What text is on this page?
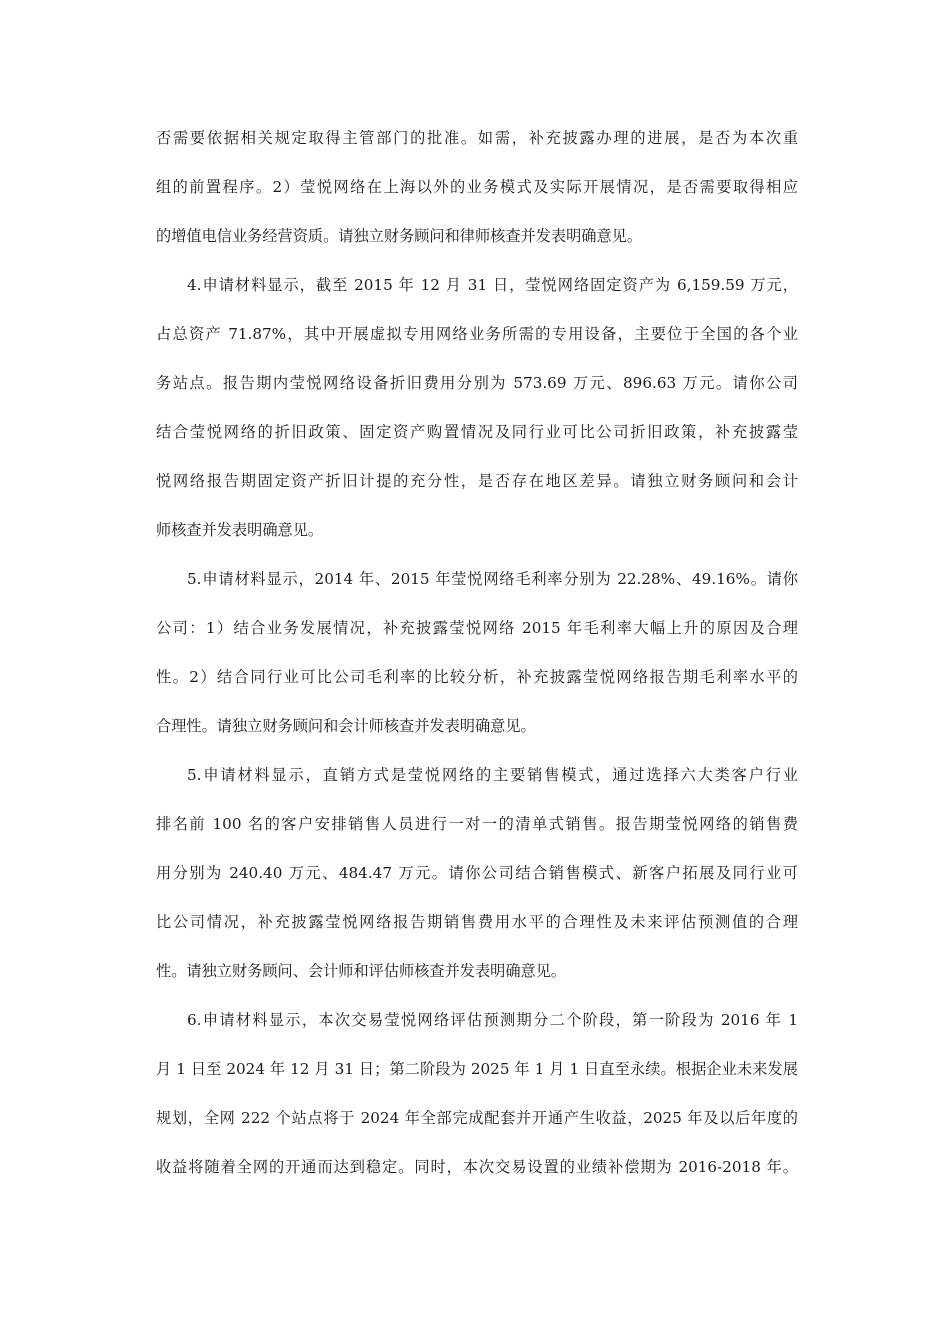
否需要依据相关规定取得主管部门的批准。如需，补充披露办理的进展，是否为本次重
组的前置程序。2）莹悦网络在上海以外的业务模式及实际开展情况，是否需要取得相应
的增值电信业务经营资质。请独立财务顾问和律师核查并发表明确意见。
4.申请材料显示，截至 2015 年 12 月 31 日，莹悦网络固定资产为 6,159.59 万元，
占总资产 71.87%，其中开展虚拟专用网络业务所需的专用设备，主要位于全国的各个业
务站点。报告期内莹悦网络设备折旧费用分别为 573.69 万元、896.63 万元。请你公司
结合莹悦网络的折旧政策、固定资产购置情况及同行业可比公司折旧政策，补充披露莹
悦网络报告期固定资产折旧计提的充分性，是否存在地区差异。请独立财务顾问和会计
师核查并发表明确意见。
5.申请材料显示，2014 年、2015 年莹悦网络毛利率分别为 22.28%、49.16%。请你
公司：1）结合业务发展情况，补充披露莹悦网络 2015 年毛利率大幅上升的原因及合理
性。2）结合同行业可比公司毛利率的比较分析，补充披露莹悦网络报告期毛利率水平的
合理性。请独立财务顾问和会计师核查并发表明确意见。
5.申请材料显示，直销方式是莹悦网络的主要销售模式，通过选择六大类客户行业
排名前 100 名的客户安排销售人员进行一对一的清单式销售。报告期莹悦网络的销售费
用分别为 240.40 万元、484.47 万元。请你公司结合销售模式、新客户拓展及同行业可
比公司情况，补充披露莹悦网络报告期销售费用水平的合理性及未来评估预测值的合理
性。请独立财务顾问、会计师和评估师核查并发表明确意见。
6.申请材料显示，本次交易莹悦网络评估预测期分二个阶段，第一阶段为 2016 年 1
月 1 日至 2024 年 12 月 31 日；第二阶段为 2025 年 1 月 1 日直至永续。根据企业未来发展
规划，全网 222 个站点将于 2024 年全部完成配套并开通产生收益，2025 年及以后年度的
收益将随着全网的开通而达到稳定。同时，本次交易设置的业绩补偿期为 2016-2018 年。
